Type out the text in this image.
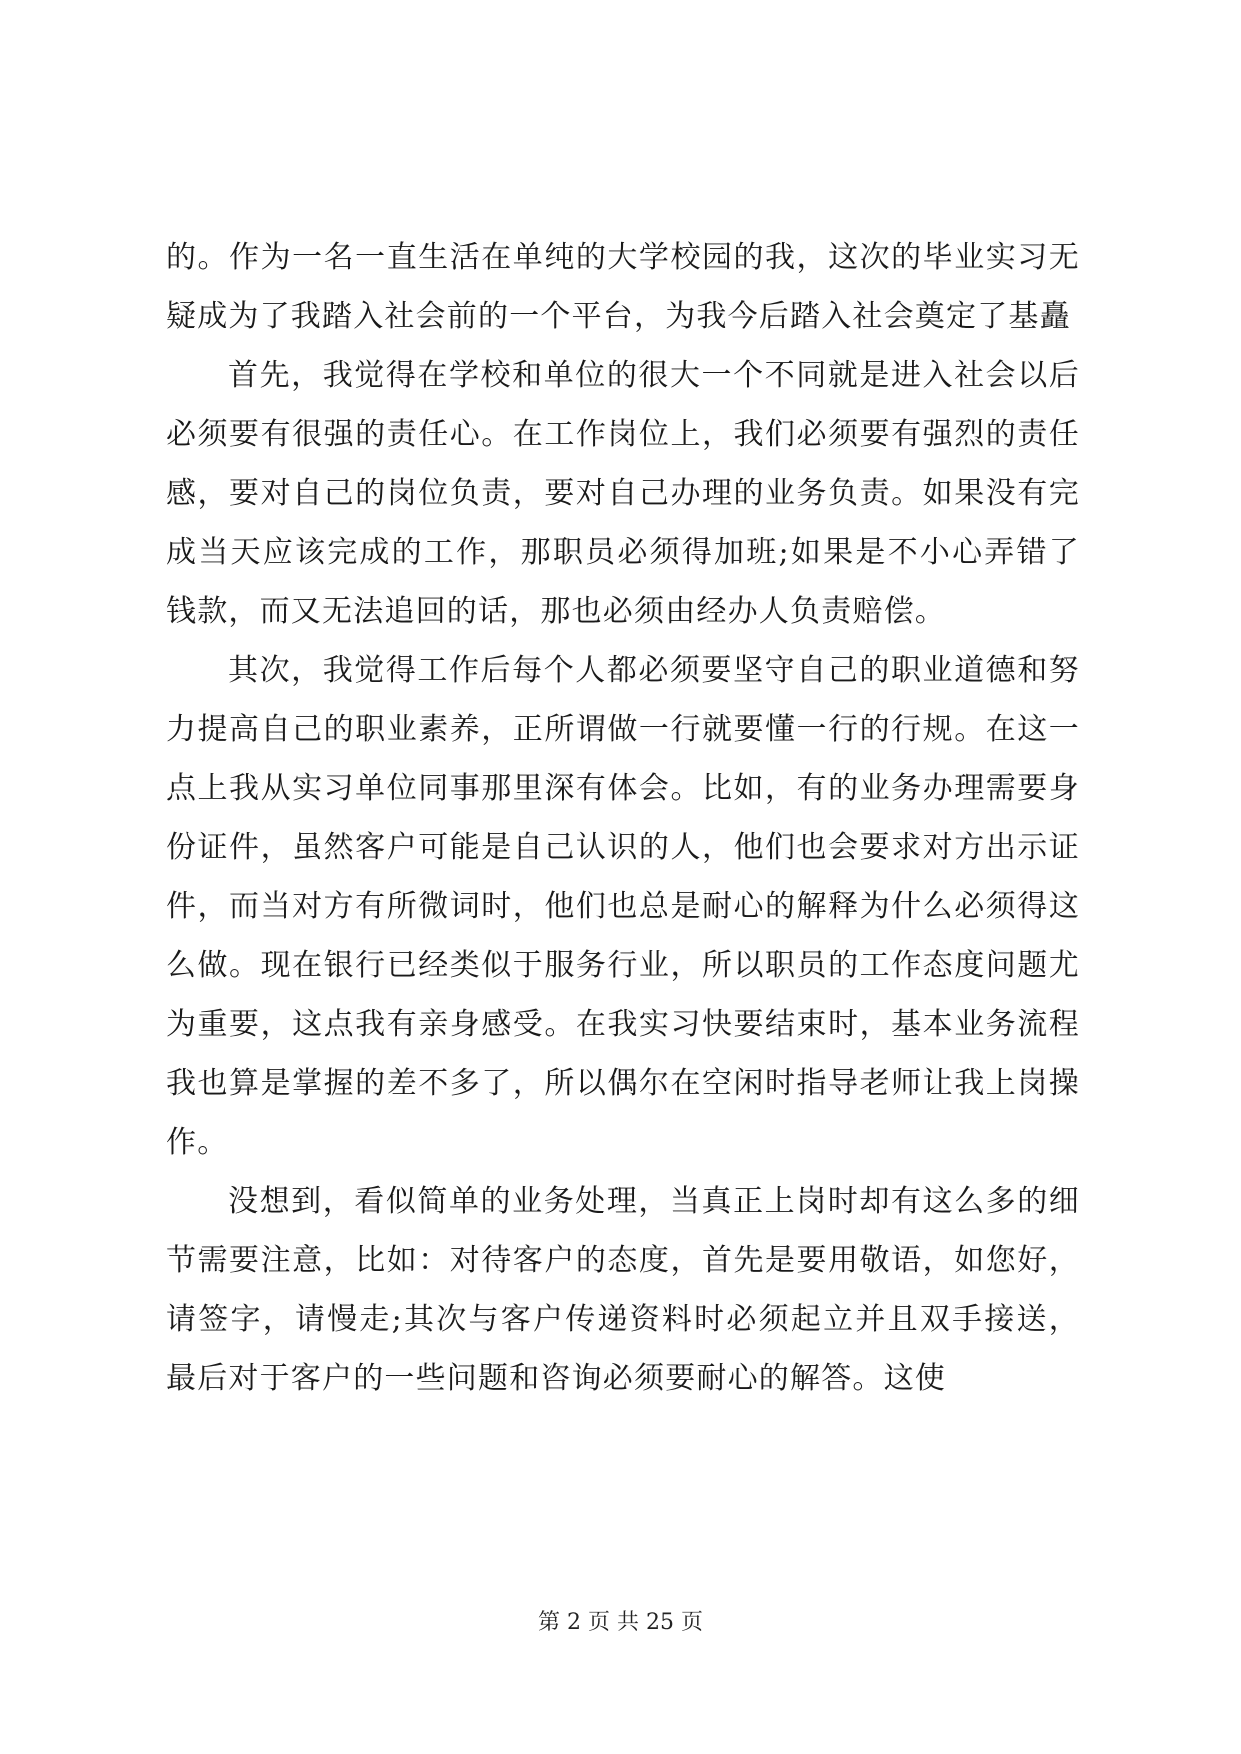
的。作为一名一直生活在单纯的大学校园的我，这次的毕业实习无疑成为了我踏入社会前的一个平台，为我今后踏入社会奠定了基矗

首先，我觉得在学校和单位的很大一个不同就是进入社会以后必须要有很强的责任心。在工作岗位上，我们必须要有强烈的责任感，要对自己的岗位负责，要对自己办理的业务负责。如果没有完成当天应该完成的工作，那职员必须得加班;如果是不小心弄错了钱款，而又无法追回的话，那也必须由经办人负责赔偿。

其次，我觉得工作后每个人都必须要坚守自己的职业道德和努力提高自己的职业素养，正所谓做一行就要懂一行的行规。在这一点上我从实习单位同事那里深有体会。比如，有的业务办理需要身份证件，虽然客户可能是自己认识的人，他们也会要求对方出示证件，而当对方有所微词时，他们也总是耐心的解释为什么必须得这么做。现在银行已经类似于服务行业，所以职员的工作态度问题尤为重要，这点我有亲身感受。在我实习快要结束时，基本业务流程我也算是掌握的差不多了，所以偶尔在空闲时指导老师让我上岗操作。

没想到，看似简单的业务处理，当真正上岗时却有这么多的细节需要注意，比如：对待客户的态度，首先是要用敬语，如您好，请签字，请慢走;其次与客户传递资料时必须起立并且双手接送，最后对于客户的一些问题和咨询必须要耐心的解答。这使

第 2 页 共 25 页
